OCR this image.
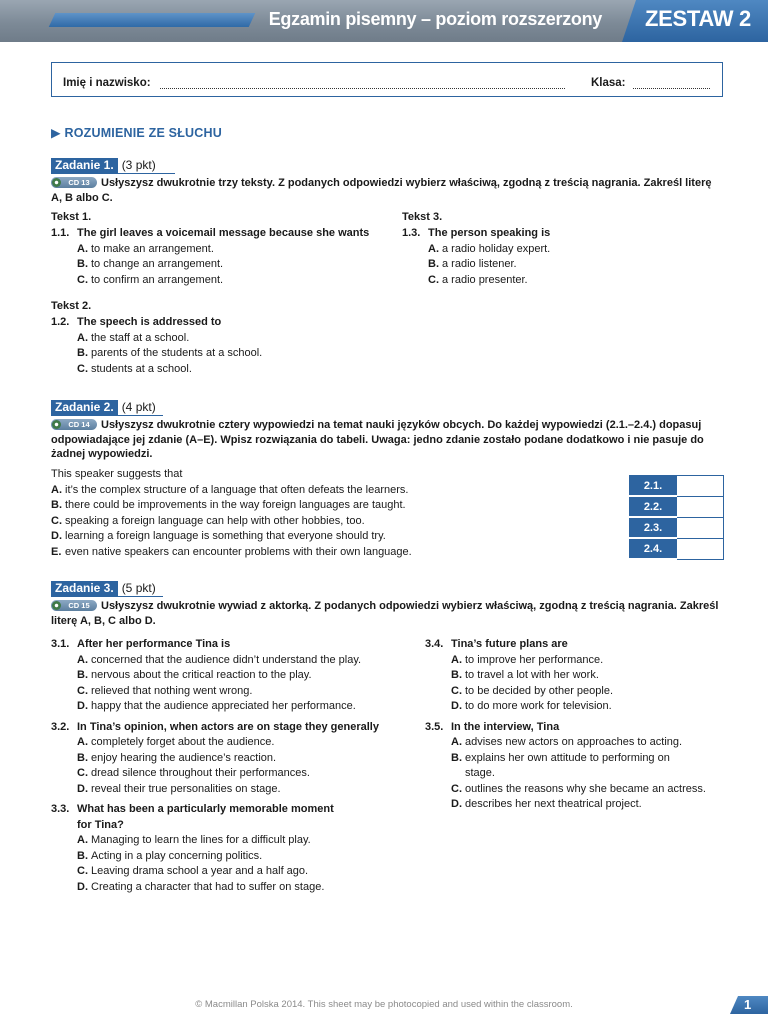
Egzamin pisemny – poziom rozszerzony ZESTAW 2
Imię i nazwisko:	Klasa:
▶ ROZUMIENIE ZE SŁUCHU
Zadanie 1. (3 pkt)
CD 13 Usłyszysz dwukrotnie trzy teksty. Z podanych odpowiedzi wybierz właściwą, zgodną z treścią nagrania. Zakreśl literę A, B albo C.
Tekst 1.
1.1. The girl leaves a voicemail message because she wants
A. to make an arrangement.
B. to change an arrangement.
C. to confirm an arrangement.
Tekst 2.
1.2. The speech is addressed to
A. the staff at a school.
B. parents of the students at a school.
C. students at a school.
Tekst 3.
1.3. The person speaking is
A. a radio holiday expert.
B. a radio listener.
C. a radio presenter.
Zadanie 2. (4 pkt)
CD 14 Usłyszysz dwukrotnie cztery wypowiedzi na temat nauki języków obcych. Do każdej wypowiedzi (2.1.–2.4.) dopasuj odpowiadające jej zdanie (A–E). Wpisz rozwiązania do tabeli. Uwaga: jedno zdanie zostało podane dodatkowo i nie pasuje do żadnej wypowiedzi.
This speaker suggests that
A. it’s the complex structure of a language that often defeats the learners.
B. there could be improvements in the way foreign languages are taught.
C. speaking a foreign language can help with other hobbies, too.
D. learning a foreign language is something that everyone should try.
E. even native speakers can encounter problems with their own language.
2.1.	
2.2.	
2.3.	
2.4.	
Zadanie 3. (5 pkt)
CD 15 Usłyszysz dwukrotnie wywiad z aktorką. Z podanych odpowiedzi wybierz właściwą, zgodną z treścią nagrania. Zakreśl literę A, B, C albo D.
3.1. After her performance Tina is
A. concerned that the audience didn’t understand the play.
B. nervous about the critical reaction to the play.
C. relieved that nothing went wrong.
D. happy that the audience appreciated her performance.
3.2. In Tina’s opinion, when actors are on stage they generally
A. completely forget about the audience.
B. enjoy hearing the audience’s reaction.
C. dread silence throughout their performances.
D. reveal their true personalities on stage.
3.3. What has been a particularly memorable moment
for Tina?
A. Managing to learn the lines for a difficult play.
B. Acting in a play concerning politics.
C. Leaving drama school a year and a half ago.
D. Creating a character that had to suffer on stage.
3.4. Tina’s future plans are
A. to improve her performance.
B. to travel a lot with her work.
C. to be decided by other people.
D. to do more work for television.
3.5. In the interview, Tina
A. advises new actors on approaches to acting.
B. explains her own attitude to performing on
stage.
C. outlines the reasons why she became an actress.
D. describes her next theatrical project.
© Macmillan Polska 2014. This sheet may be photocopied and used within the classroom.	1
